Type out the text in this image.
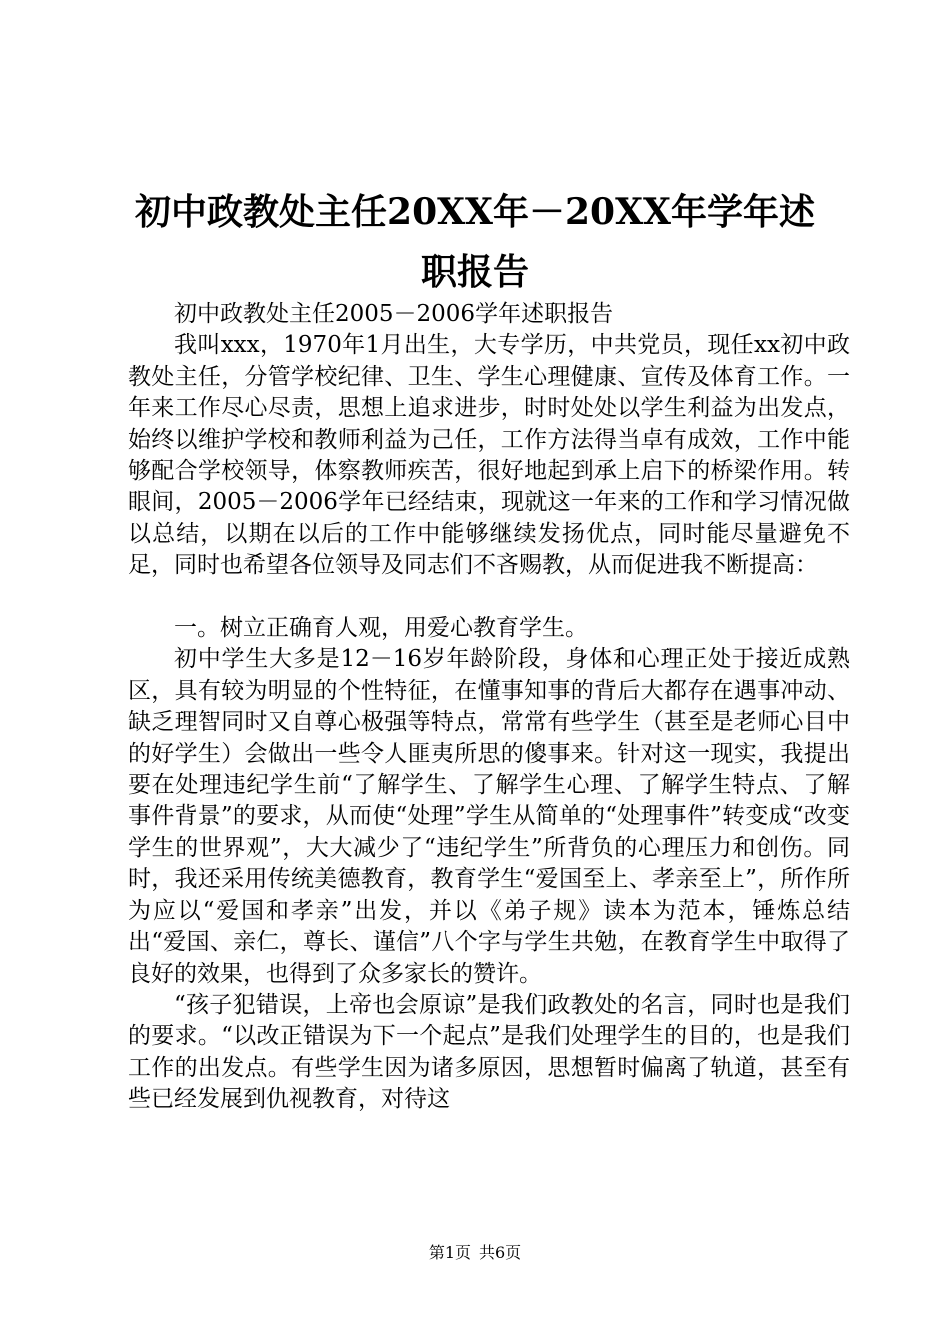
初中政教处主任20XX年－20XX年学年述职报告

初中政教处主任2005－2006学年述职报告

我叫xxx，1970年1月出生，大专学历，中共党员，现任xx初中政教处主任，分管学校纪律、卫生、学生心理健康、宣传及体育工作。一年来工作尽心尽责，思想上追求进步，时时处处以学生利益为出发点，始终以维护学校和教师利益为己任，工作方法得当卓有成效，工作中能够配合学校领导，体察教师疾苦，很好地起到承上启下的桥梁作用。转眼间，2005－2006学年已经结束，现就这一年来的工作和学习情况做以总结，以期在以后的工作中能够继续发扬优点，同时能尽量避免不足，同时也希望各位领导及同志们不吝赐教，从而促进我不断提高：

一。树立正确育人观，用爱心教育学生。

初中学生大多是12－16岁年龄阶段，身体和心理正处于接近成熟区，具有较为明显的个性特征，在懂事知事的背后大都存在遇事冲动、缺乏理智同时又自尊心极强等特点，常常有些学生（甚至是老师心目中的好学生）会做出一些令人匪夷所思的傻事来。针对这一现实，我提出要在处理违纪学生前“了解学生、了解学生心理、了解学生特点、了解事件背景”的要求，从而使“处理”学生从简单的“处理事件”转变成“改变学生的世界观”，大大减少了“违纪学生”所背负的心理压力和创伤。同时，我还采用传统美德教育，教育学生“爱国至上、孝亲至上”，所作所为应以“爱国和孝亲”出发，并以《弟子规》读本为范本，锤炼总结出“爱国、亲仁，尊长、谨信”八个字与学生共勉，在教育学生中取得了良好的效果，也得到了众多家长的赞许。

“孩子犯错误，上帝也会原谅”是我们政教处的名言，同时也是我们的要求。“以改正错误为下一个起点”是我们处理学生的目的，也是我们工作的出发点。有些学生因为诸多原因，思想暂时偏离了轨道，甚至有些已经发展到仇视教育，对待这

第1页 共6页
